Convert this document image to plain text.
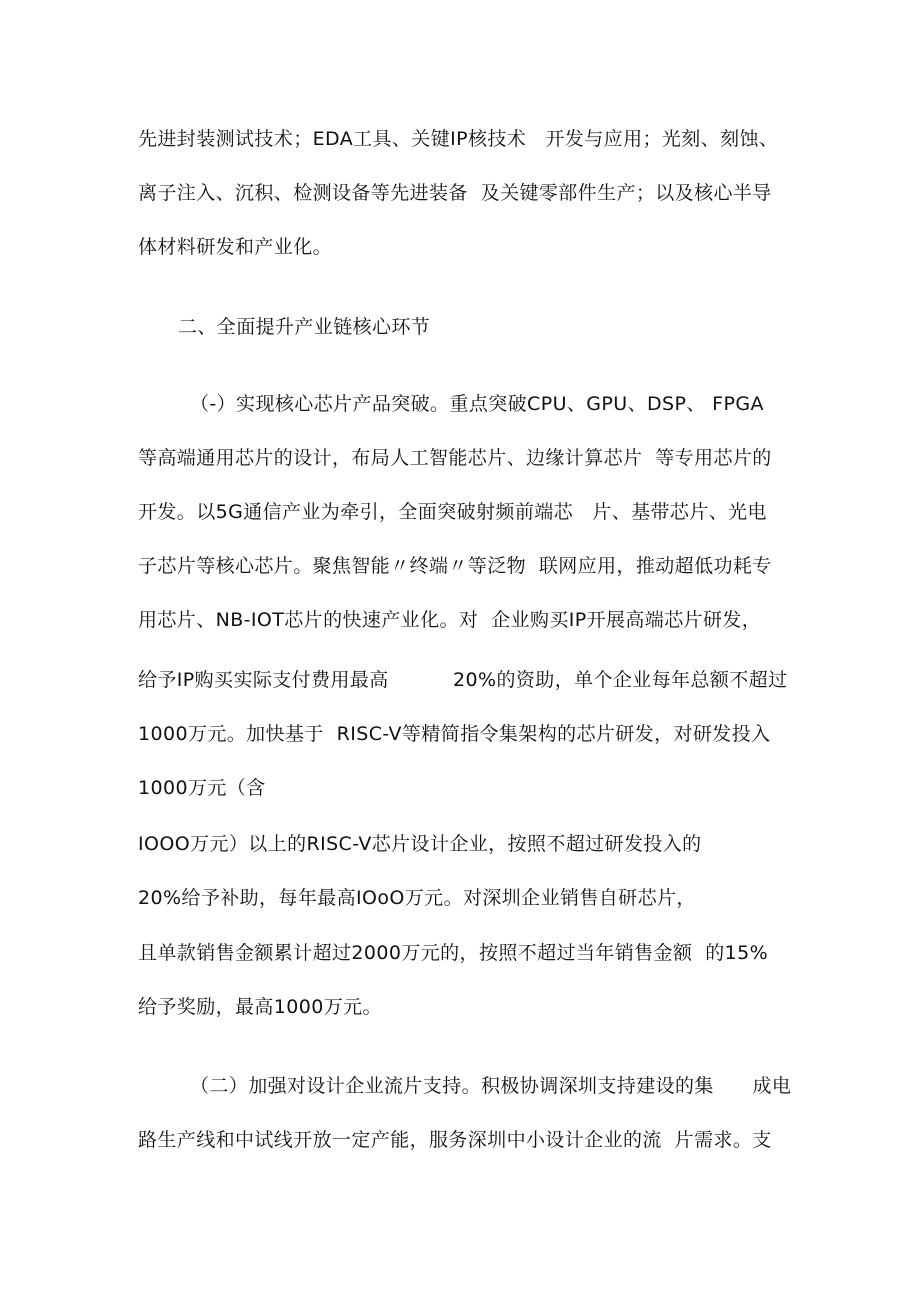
先进封装测试技术；EDA工具、关键IP核技术   开发与应用；光刻、刻蚀、
离子注入、沉积、检测设备等先进装备  及关键零部件生产；以及核心半导
体材料研发和产业化。
二、全面提升产业链核心环节
（-）实现核心芯片产品突破。重点突破CPU、GPU、DSP、 FPGA
等高端通用芯片的设计，布局人工智能芯片、边缘计算芯片  等专用芯片的
开发。以5G通信产业为牵引，全面突破射频前端芯   片、基带芯片、光电
子芯片等核心芯片。聚焦智能〃终端〃等泛物  联网应用，推动超低功耗专
用芯片、NB-IOT芯片的快速产业化。对  企业购买IP开展高端芯片研发，
给予IP购买实际支付费用最高          20%的资助，单个企业每年总额不超过
1000万元。加快基于  RISC-V等精简指令集架构的芯片研发，对研发投入
1000万元（含
IOOO万元）以上的RISC-V芯片设计企业，按照不超过研发投入的
20%给予补助，每年最高IOoO万元。对深圳企业销售自研芯片，
且单款销售金额累计超过2000万元的，按照不超过当年销售金额  的15%
给予奖励，最高1000万元。
（二）加强对设计企业流片支持。积极协调深圳支持建设的集      成电
路生产线和中试线开放一定产能，服务深圳中小设计企业的流  片需求。支
